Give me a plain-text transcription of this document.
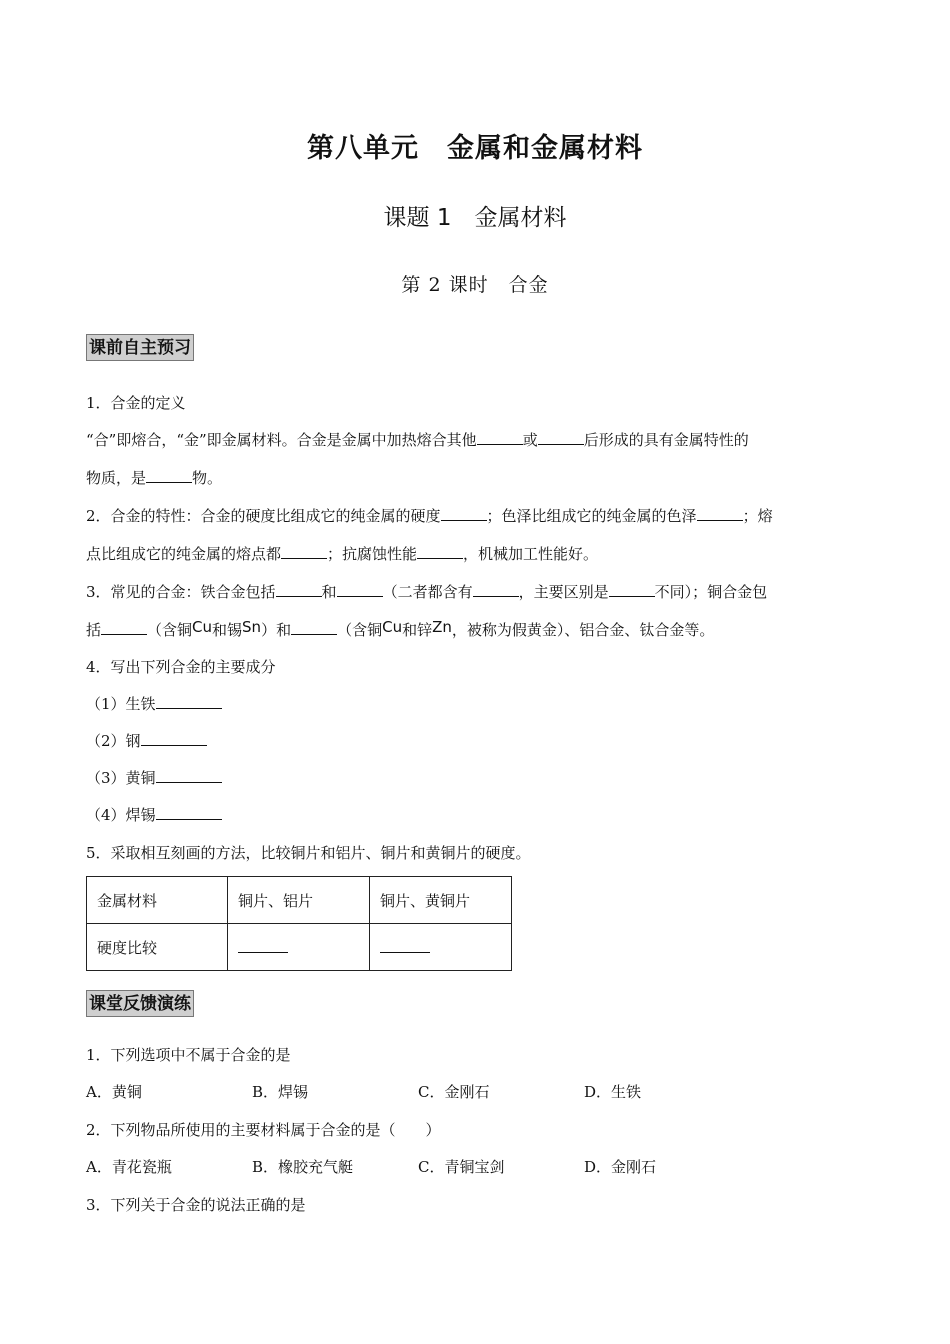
第八单元　金属和金属材料
课题 1　金属材料
第 2 课时　合金
课前自主预习
1．合金的定义
“合”即熔合，“金”即金属材料。合金是金属中加热熔合其他	或	后形成的具有金属特性的
物质，是	物。
2．合金的特性：合金的硬度比组成它的纯金属的硬度	；色泽比组成它的纯金属的色泽	；熔
点比组成它的纯金属的熔点都	；抗腐蚀性能	，机械加工性能好。
3．常见的合金：铁合金包括	和	（二者都含有	，主要区别是	不同）；铜合金包
括	（含铜Cu和锡Sn）和	（含铜Cu和锌Zn，被称为假黄金）、铝合金、钛合金等。
4．写出下列合金的主要成分
（1）生铁
（2）钢
（3）黄铜
（4）焊锡
5．采取相互刻画的方法，比较铜片和铝片、铜片和黄铜片的硬度。
金属材料	铜片、铝片	铜片、黄铜片
硬度比较		
课堂反馈演练
1．下列选项中不属于合金的是
A．黄铜	B．焊锡	C．金刚石	D．生铁
2．下列物品所使用的主要材料属于合金的是（　　）
A．青花瓷瓶	B．橡胶充气艇	C．青铜宝剑	D．金刚石
3．下列关于合金的说法正确的是
